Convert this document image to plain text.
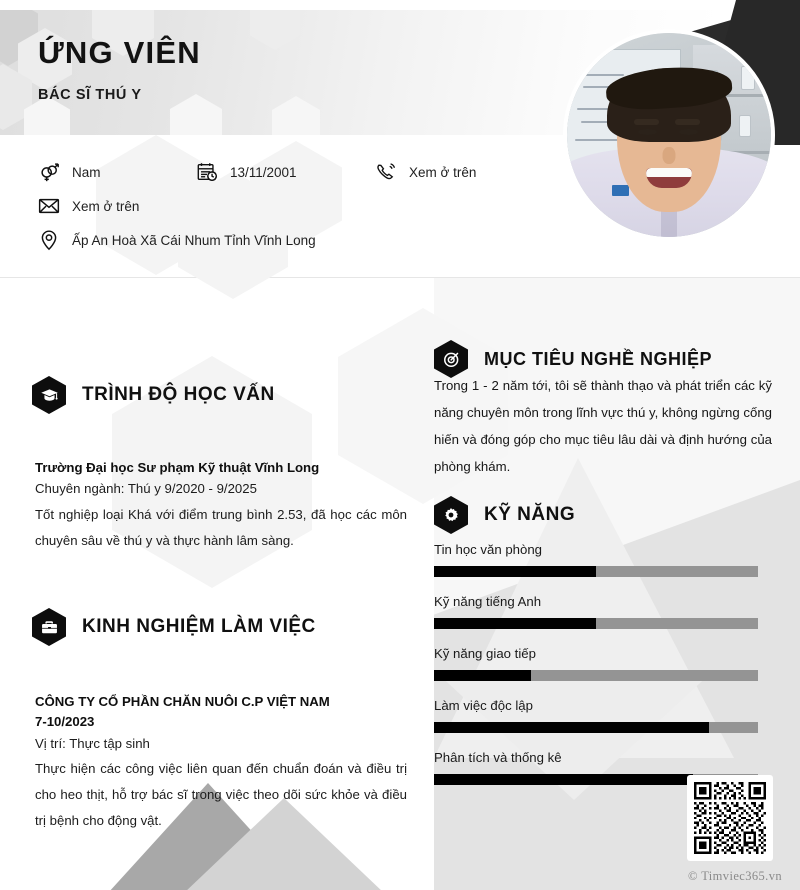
ỨNG VIÊN
BÁC SĨ THÚ Y
Nam	13/11/2001	Xem ở trên
Xem ở trên
Ấp An Hoà Xã Cái Nhum Tỉnh Vĩnh Long
TRÌNH ĐỘ HỌC VẤN
Trường Đại học Sư phạm Kỹ thuật Vĩnh Long
Chuyên ngành: Thú y 9/2020 - 9/2025
Tốt nghiệp loại Khá với điểm trung bình 2.53, đã học các môn chuyên sâu về thú y và thực hành lâm sàng.
KINH NGHIỆM LÀM VIỆC
CÔNG TY CỔ PHẦN CHĂN NUÔI C.P VIỆT NAM
7-10/2023
Vị trí: Thực tập sinh
Thực hiện các công việc liên quan đến chuẩn đoán và điều trị cho heo thịt, hỗ trợ bác sĩ trong việc theo dõi sức khỏe và điều trị bệnh cho động vật.
MỤC TIÊU NGHỀ NGHIỆP
Trong 1 - 2 năm tới, tôi sẽ thành thạo và phát triển các kỹ năng chuyên môn trong lĩnh vực thú y, không ngừng cống hiến và đóng góp cho mục tiêu lâu dài và định hướng của phòng khám.
KỸ NĂNG
Tin học văn phòng
Kỹ năng tiếng Anh
Kỹ năng giao tiếp
Làm việc độc lập
Phân tích và thống kê
© Timviec365.vn
